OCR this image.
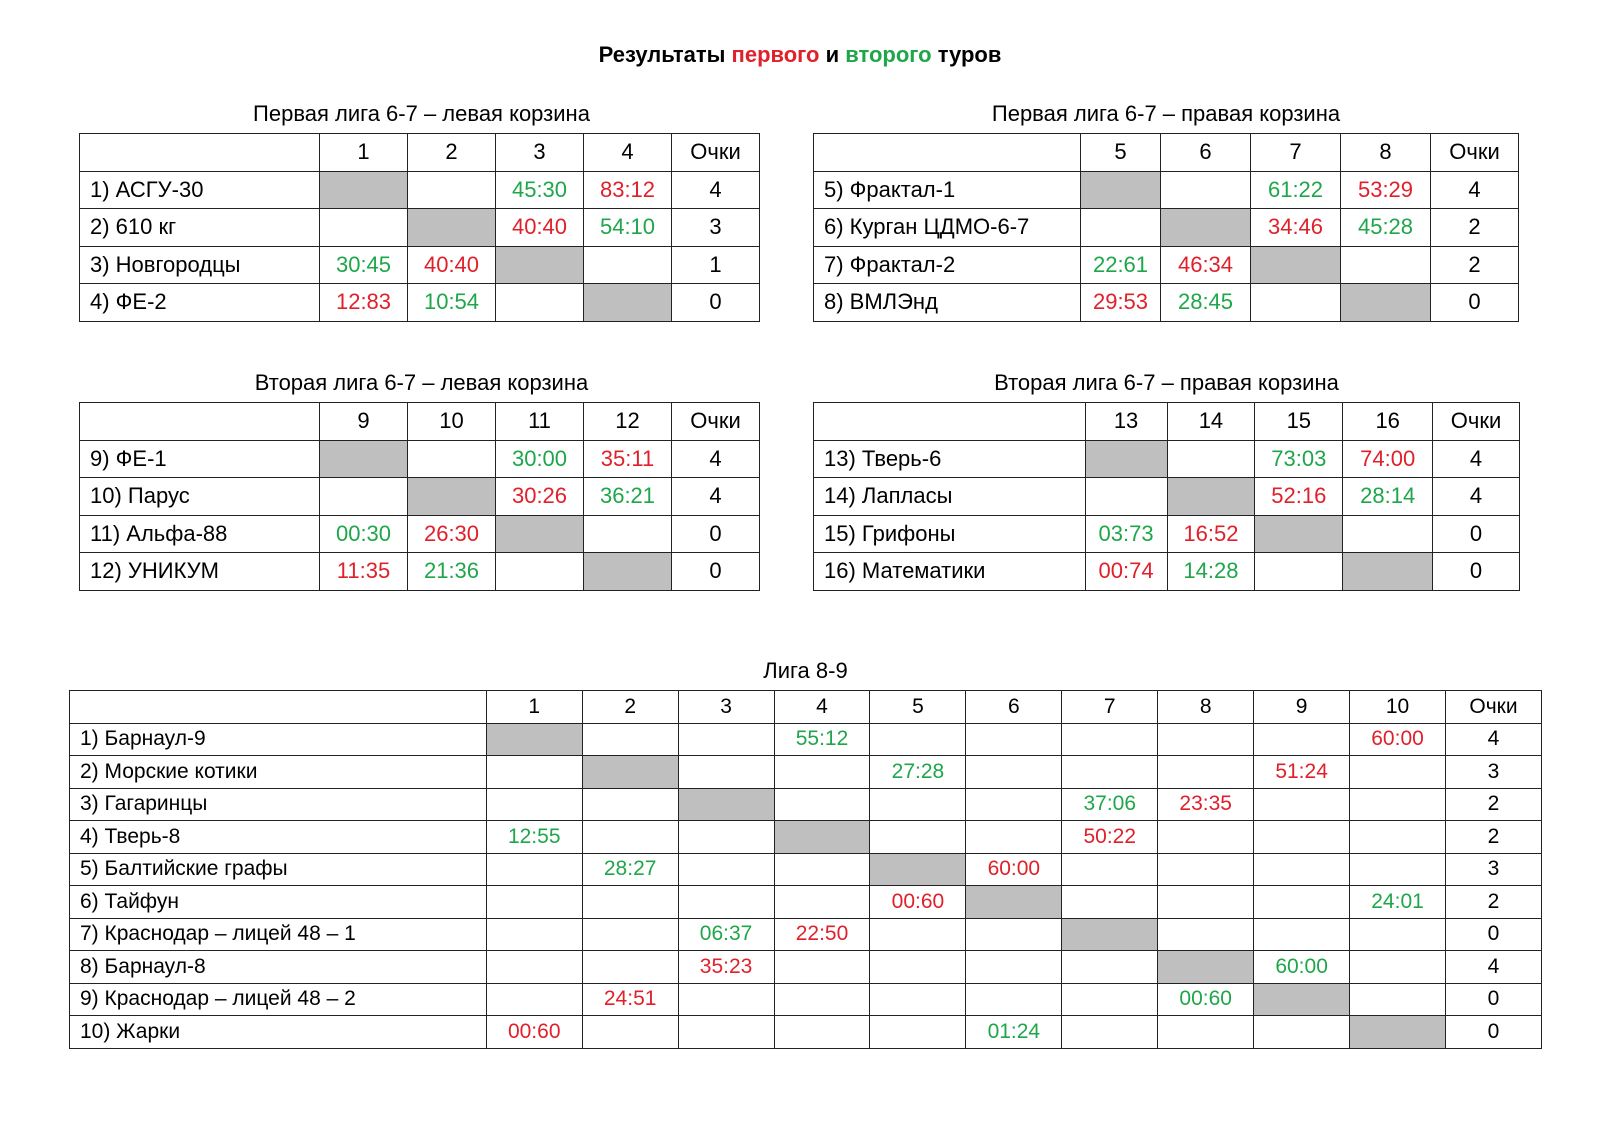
Результаты первого и второго туров
Первая лига 6-7 – левая корзина
	1	2	3	4	Очки
1) АСГУ-30			45:30	83:12	4
2) 610 кг			40:40	54:10	3
3) Новгородцы	30:45	40:40			1
4) ФЕ-2	12:83	10:54			0
Первая лига 6-7 – правая корзина
	5	6	7	8	Очки
5) Фрактал-1			61:22	53:29	4
6) Курган ЦДМО-6-7			34:46	45:28	2
7) Фрактал-2	22:61	46:34			2
8) ВМЛЭнд	29:53	28:45			0
Вторая лига 6-7 – левая корзина
	9	10	11	12	Очки
9) ФЕ-1			30:00	35:11	4
10) Парус			30:26	36:21	4
11) Альфа-88	00:30	26:30			0
12) УНИКУМ	11:35	21:36			0
Вторая лига 6-7 – правая корзина
	13	14	15	16	Очки
13) Тверь-6			73:03	74:00	4
14) Лапласы			52:16	28:14	4
15) Грифоны	03:73	16:52			0
16) Математики	00:74	14:28			0
Лига 8-9
	1	2	3	4	5	6	7	8	9	10	Очки
1) Барнаул-9				55:12						60:00	4
2) Морские котики					27:28				51:24		3
3) Гагаринцы							37:06	23:35			2
4) Тверь-8	12:55						50:22				2
5) Балтийские графы		28:27				60:00					3
6) Тайфун					00:60					24:01	2
7) Краснодар – лицей 48 – 1			06:37	22:50							0
8) Барнаул-8			35:23						60:00		4
9) Краснодар – лицей 48 – 2		24:51						00:60			0
10) Жарки	00:60					01:24					0
